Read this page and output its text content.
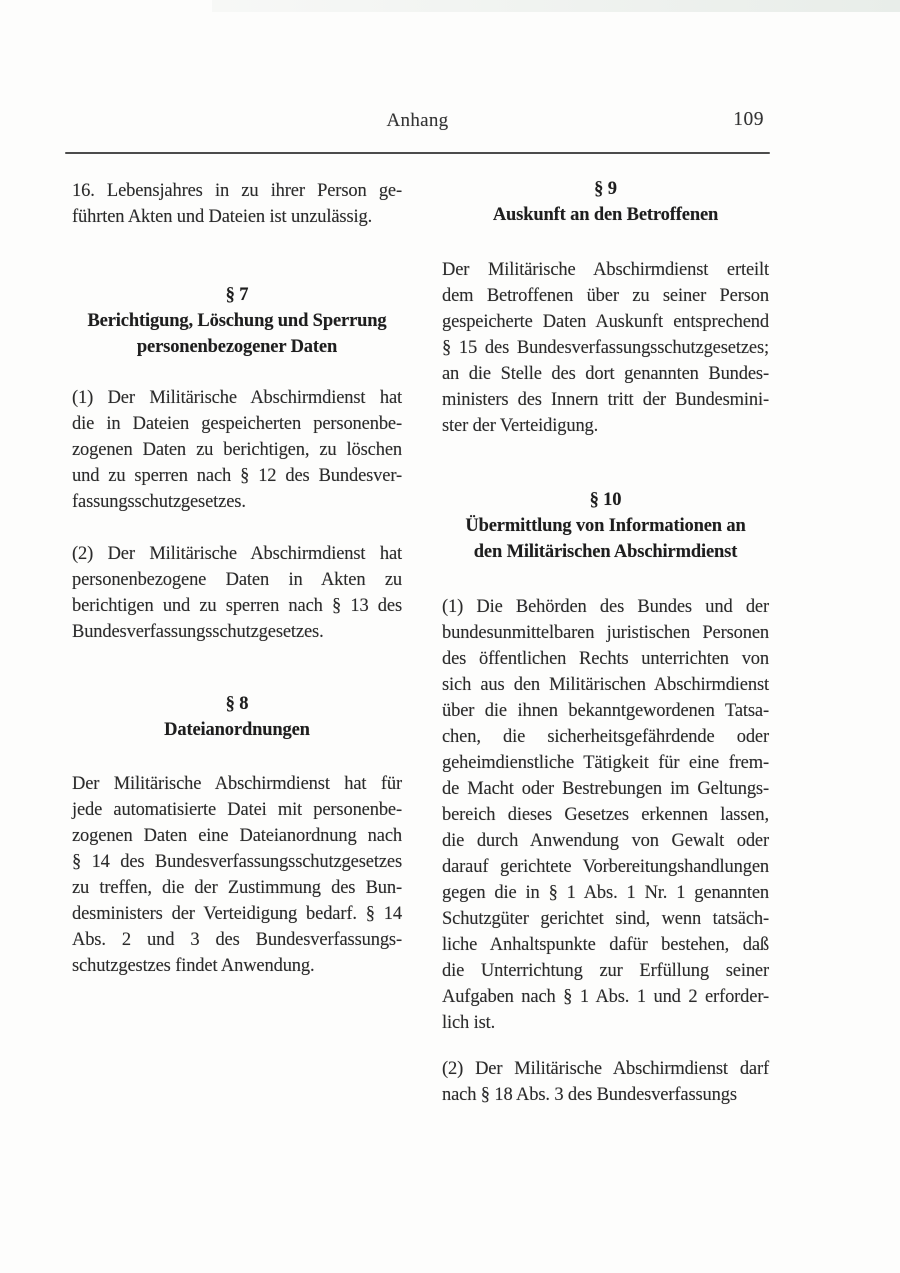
Anhang	109
16. Lebensjahres in zu ihrer Person ge-
führten Akten und Dateien ist unzulässig.
§ 7
Berichtigung, Löschung und Sperrung
personenbezogener Daten
(1) Der Militärische Abschirmdienst hat
die in Dateien gespeicherten personenbe-
zogenen Daten zu berichtigen, zu löschen
und zu sperren nach § 12 des Bundesver-
fassungsschutzgesetzes.
(2) Der Militärische Abschirmdienst hat
personenbezogene Daten in Akten zu
berichtigen und zu sperren nach § 13 des
Bundesverfassungsschutzgesetzes.
§ 8
Dateianordnungen
Der Militärische Abschirmdienst hat für
jede automatisierte Datei mit personenbe-
zogenen Daten eine Dateianordnung nach
§ 14 des Bundesverfassungsschutzgesetzes
zu treffen, die der Zustimmung des Bun-
desministers der Verteidigung bedarf. § 14
Abs. 2 und 3 des Bundesverfassungs-
schutzgestzes findet Anwendung.
§ 9
Auskunft an den Betroffenen
Der Militärische Abschirmdienst erteilt
dem Betroffenen über zu seiner Person
gespeicherte Daten Auskunft entsprechend
§ 15 des Bundesverfassungsschutzgesetzes;
an die Stelle des dort genannten Bundes-
ministers des Innern tritt der Bundesmini-
ster der Verteidigung.
§ 10
Übermittlung von Informationen an
den Militärischen Abschirmdienst
(1) Die Behörden des Bundes und der
bundesunmittelbaren juristischen Personen
des öffentlichen Rechts unterrichten von
sich aus den Militärischen Abschirmdienst
über die ihnen bekanntgewordenen Tatsa-
chen, die sicherheitsgefährdende oder
geheimdienstliche Tätigkeit für eine frem-
de Macht oder Bestrebungen im Geltungs-
bereich dieses Gesetzes erkennen lassen,
die durch Anwendung von Gewalt oder
darauf gerichtete Vorbereitungshandlungen
gegen die in § 1 Abs. 1 Nr. 1 genannten
Schutzgüter gerichtet sind, wenn tatsäch-
liche Anhaltspunkte dafür bestehen, daß
die Unterrichtung zur Erfüllung seiner
Aufgaben nach § 1 Abs. 1 und 2 erforder-
lich ist.
(2) Der Militärische Abschirmdienst darf
nach § 18 Abs. 3 des Bundesverfassungs
